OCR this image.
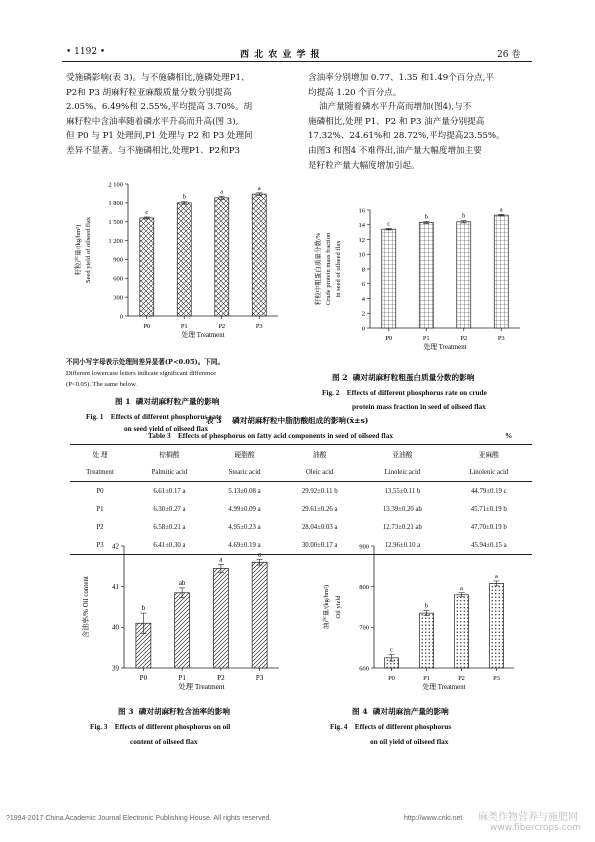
• 1192 •	西 北 农 业 学 报	26 卷
受施磷影响(表 3)。与不施磷相比,施磷处理P1、
P2和 P3 胡麻籽粒亚麻酸质量分数分别提高
2.05%、6.49%和 2.55%,平均提高 3.70%。胡
麻籽粒中含油率随着磷水平升高而升高(图 3),
但 P0 与 P1 处理间,P1 处理与 P2 和 P3 处理间
差异不显著。与不施磷相比,处理P1、P2和P3
含油率分别增加 0.77、1.35 和1.49个百分点,平
均提高 1.20 个百分点。
油产量随着磷水平升高而增加(图4),与不
施磷相比,处理 P1、P2 和 P3 油产量分别提高
17.32%、24.61%和 28.72%,平均提高23.55%。
由图3 和图4 不难得出,油产量大幅度增加主要
是籽粒产量大幅度增加引起。
0
300
600
900
1 200
1 500
1 800
2 100
c
P0
b
P1
a
P2
a
P3
处理 Treatment
籽粒产量/(kg/hm²) Seed yield of oilseed flax
0
2
4
6
8
10
12
14
16
c
P0
b
P1
b
P2
a
P3
处理 Treatment
籽粒中粗蛋白质量分数/% Crude protein mass fraction in seed of oilseed flax
39
40
41
42
b
P0
ab
P1
a
P2
a
P3
处理 Treatment
含油率/% Oil content
600
700
800
900
c
P0
b
P1
a
P2
a
P3
处理 Treatment
油产量/(kg/hm²) Oil yield
不同小写字母表示处理间差异显著(P<0.05)。下同。
Different lowercase letters indicate significant difference
(P<0.05). The same below.
图 1  磷对胡麻籽粒产量的影响
Fig. 1    Effects of different phosphorus rate
on seed yield of oilseed flax
图 2  磷对胡麻籽粒粗蛋白质量分数的影响
Fig. 2    Effects of different phosphorus rate on crude
protein mass fraction in seed of oilseed flax
表 3    磷对胡麻籽粒中脂肪酸组成的影响(x̄±s)
Table 3    Effects of phosphorus on fatty acid components in seed of oilseed flax	%
处 理	棕榈酸	硬脂酸	油酸	亚油酸	亚麻酸
Treatment	Palmitic acid	Stearic acid	Oleic acid	Linoleic acid	Linolenic acid
P0	6.61±0.17 a	5.13±0.08 a	29.92±0.11 b	13.55±0.11 b	44.79±0.19 c
P1	6.30±0.27 a	4.99±0.09 a	29.61±0.26 a	13.39±0.20 ab	45.71±0.19 b
P2	6.58±0.21 a	4.95±0.23 a	28.04±0.03 a	12.73±0.21 ab	47.70±0.19 b
P3	6.41±0.30 a	4.69±0.19 a	30.00±0.17 a	12.96±0.10 a	45.94±0.15 a
图 3  磷对胡麻籽粒含油率的影响
Fig. 3    Effects of different phosphorus on oil
content of oilseed flax
图 4  磷对胡麻油产量的影响
Fig. 4    Effects of different phosphorus
on oil yield of oilseed flax
?1994-2017 China Academic Journal Electronic Publishing House. All rights reserved.	http://www.cnki.net 麻类作物营养与施肥网
www.fibercrops.com
